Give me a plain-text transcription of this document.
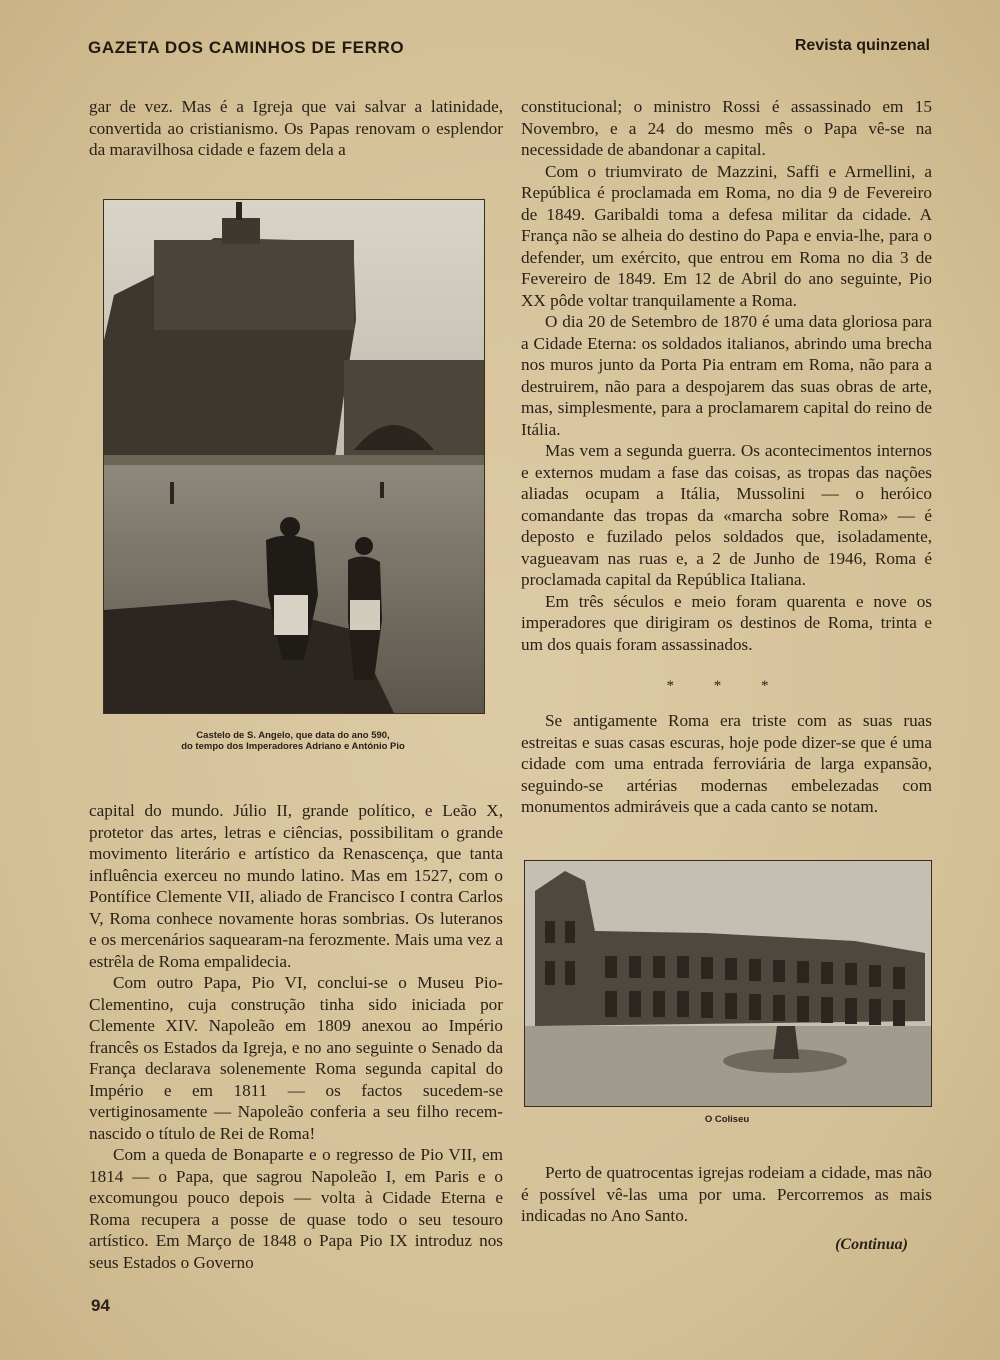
GAZETA DOS CAMINHOS DE FERRO	Revista quinzenal

gar de vez. Mas é a Igreja que vai salvar a latinidade, convertida ao cristianismo. Os Papas renovam o esplendor da maravilhosa cidade e fazem dela a

Castelo de S. Angelo, que data do ano 590,
do tempo dos Imperadores Adriano e António Pio

capital do mundo. Júlio II, grande político, e Leão X, protetor das artes, letras e ciências, possibilitam o grande movimento literário e artístico da Renascença, que tanta influência exerceu no mundo latino. Mas em 1527, com o Pontífice Clemente VII, aliado de Francisco I contra Carlos V, Roma conhece novamente horas sombrias. Os luteranos e os mercenários saquearam-na ferozmente. Mais uma vez a estrêla de Roma empalidecia.

Com outro Papa, Pio VI, conclui-se o Museu Pio-Clementino, cuja construção tinha sido iniciada por Clemente XIV. Napoleão em 1809 anexou ao Império francês os Estados da Igreja, e no ano seguinte o Senado da França declarava solenemente Roma segunda capital do Império e em 1811 — os factos sucedem-se vertiginosamente — Napoleão conferia a seu filho recem-nascido o título de Rei de Roma!

Com a queda de Bonaparte e o regresso de Pio VII, em 1814 — o Papa, que sagrou Napoleão I, em Paris e o excomungou pouco depois — volta à Cidade Eterna e Roma recupera a posse de quase todo o seu tesouro artístico. Em Março de 1848 o Papa Pio IX introduz nos seus Estados o Governo

constitucional; o ministro Rossi é assassinado em 15 Novembro, e a 24 do mesmo mês o Papa vê-se na necessidade de abandonar a capital.

Com o triumvirato de Mazzini, Saffi e Armellini, a República é proclamada em Roma, no dia 9 de Fevereiro de 1849. Garibaldi toma a defesa militar da cidade. A França não se alheia do destino do Papa e envia-lhe, para o defender, um exército, que entrou em Roma no dia 3 de Fevereiro de 1849. Em 12 de Abril do ano seguinte, Pio XX pôde voltar tranquilamente a Roma.

O dia 20 de Setembro de 1870 é uma data gloriosa para a Cidade Eterna: os soldados italianos, abrindo uma brecha nos muros junto da Porta Pia entram em Roma, não para a destruirem, não para a despojarem das suas obras de arte, mas, simplesmente, para a proclamarem capital do reino de Itália.

Mas vem a segunda guerra. Os acontecimentos internos e externos mudam a fase das coisas, as tropas das nações aliadas ocupam a Itália, Mussolini — o heróico comandante das tropas da «marcha sobre Roma» — é deposto e fuzilado pelos soldados que, isoladamente, vagueavam nas ruas e, a 2 de Junho de 1946, Roma é proclamada capital da República Italiana.

Em três séculos e meio foram quarenta e nove os imperadores que dirigiram os destinos de Roma, trinta e um dos quais foram assassinados.

* * *

Se antigamente Roma era triste com as suas ruas estreitas e suas casas escuras, hoje pode dizer-se que é uma cidade com uma entrada ferroviária de larga expansão, seguindo-se artérias modernas embelezadas com monumentos admiráveis que a cada canto se notam.

O Coliseu

Perto de quatrocentas igrejas rodeiam a cidade, mas não é possível vê-las uma por uma. Percorremos as mais indicadas no Ano Santo.

(Continua)
94
